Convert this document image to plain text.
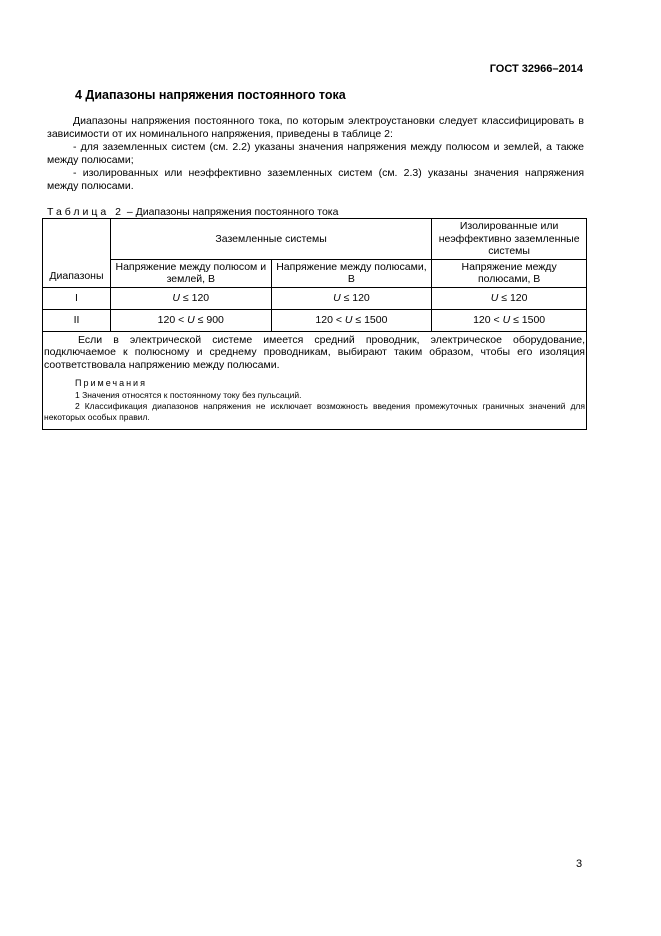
ГОСТ 32966–2014
4 Диапазоны напряжения постоянного тока

Диапазоны напряжения постоянного тока, по которым электроустановки следует классифицировать в зависимости от их номинального напряжения, приведены в таблице 2:

- для заземленных систем (см. 2.2) указаны значения напряжения между полюсом и землей, а также между полюсами;

- изолированных или неэффективно заземленных систем (см. 2.3) указаны значения напряжения между полюсами.

Таблица 2 – Диапазоны напряжения постоянного тока
Диапазоны	Заземленные системы		Изолированные или неэффективно заземленные системы
	Напряжение между полюсом и землей, В	Напряжение между полюсами, В	Напряжение между полюсами, В
I	U ≤ 120	U ≤ 120	U ≤ 120
II	120 < U ≤ 900	120 < U ≤ 1500	120 < U ≤ 1500

Если в электрической системе имеется средний проводник, электрическое оборудование, подключаемое к полюсному и среднему проводникам, выбирают таким образом, чтобы его изоляция соответствовала напряжению между полюсами.
Примечания
1 Значения относятся к постоянному току без пульсаций.
2 Классификация диапазонов напряжения не исключает возможность введения промежуточных граничных значений для некоторых особых правил.			
3
